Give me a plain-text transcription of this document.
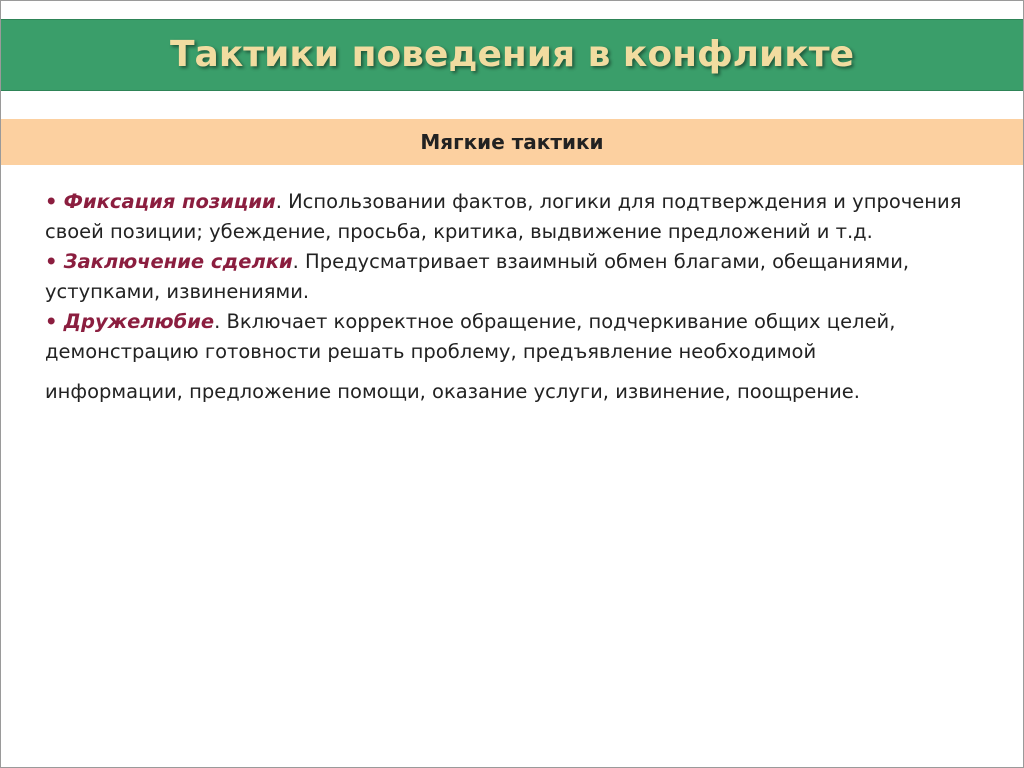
Тактики поведения в конфликте
Мягкие тактики

• Фиксация позиции. Использовании фактов, логики для подтверждения и упрочения своей позиции; убеждение, просьба, критика, выдвижение предложений и т.д.

• Заключение сделки. Предусматривает взаимный обмен благами, обещаниями, уступками, извинениями.

• Дружелюбие. Включает корректное обращение, подчеркивание общих целей, демонстрацию готовности решать проблему, предъявление необходимой
информации, предложение помощи, оказание услуги, извинение, поощрение.
